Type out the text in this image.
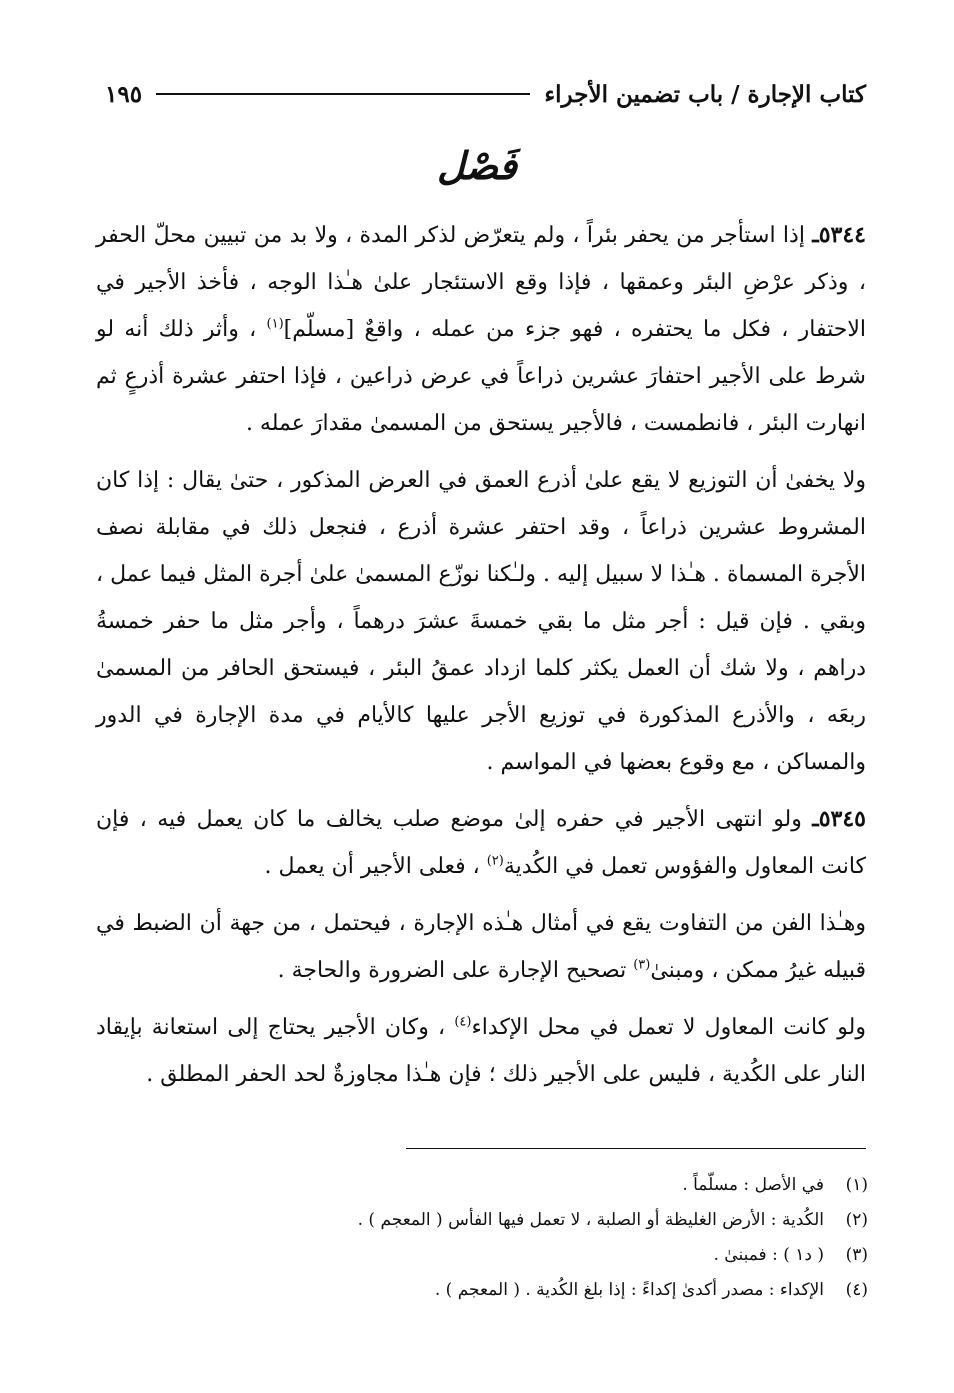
كتاب الإجارة / باب تضمين الأجراء
١٩٥
فَصْل

٥٣٤٤ـ إذا استأجر من يحفر بئراً ، ولم يتعرّض لذكر المدة ، ولا بد من تبيين محلّ الحفر ، وذكر عرْضِ البئر وعمقها ، فإذا وقع الاستئجار علىٰ هـٰذا الوجه ، فأخذ الأجير في الاحتفار ، فكل ما يحتفره ، فهو جزء من عمله ، واقعٌ [مسلّم]$^{(١)}$ ، وأثر ذلك أنه لو شرط على الأجير احتفارَ عشرين ذراعاً في عرض ذراعين ، فإذا احتفر عشرة أذرعٍ ثم انهارت البئر ، فانطمست ، فالأجير يستحق من المسمىٰ مقدارَ عمله .

ولا يخفىٰ أن التوزيع لا يقع علىٰ أذرع العمق في العرض المذكور ، حتىٰ يقال : إذا كان المشروط عشرين ذراعاً ، وقد احتفر عشرة أذرع ، فنجعل ذلك في مقابلة نصف الأجرة المسماة . هـٰذا لا سبيل إليه . ولـٰكنا نوزّع المسمىٰ علىٰ أجرة المثل فيما عمل ، وبقي . فإن قيل : أجر مثل ما بقي خمسةَ عشرَ درهماً ، وأجر مثل ما حفر خمسةُ دراهم ، ولا شك أن العمل يكثر كلما ازداد عمقُ البئر ، فيستحق الحافر من المسمىٰ ربعَه ، والأذرع المذكورة في توزيع الأجر عليها كالأيام في مدة الإجارة في الدور والمساكن ، مع وقوع بعضها في المواسم .

٥٣٤٥ـ ولو انتهى الأجير في حفره إلىٰ موضع صلب يخالف ما كان يعمل فيه ، فإن كانت المعاول والفؤوس تعمل في الكُدية$^{(٢)}$ ، فعلى الأجير أن يعمل .

وهـٰذا الفن من التفاوت يقع في أمثال هـٰذه الإجارة ، فيحتمل ، من جهة أن الضبط في قبيله غيرُ ممكن ، ومبنىٰ$^{(٣)}$ تصحيح الإجارة على الضرورة والحاجة .

ولو كانت المعاول لا تعمل في محل الإكداء$^{(٤)}$ ، وكان الأجير يحتاج إلى استعانة بإيقاد النار على الكُدية ، فليس على الأجير ذلك ؛ فإن هـٰذا مجاوزةٌ لحد الحفر المطلق .

(١)
في الأصل : مسلّماً .
(٢)
الكُدية : الأرض الغليظة أو الصلبة ، لا تعمل فيها الفأس ( المعجم ) .
(٣)
( د١ ) : فمبنىٰ .
(٤)
الإكداء : مصدر أكدىٰ إكداءً : إذا بلغ الكُدية . ( المعجم ) .
